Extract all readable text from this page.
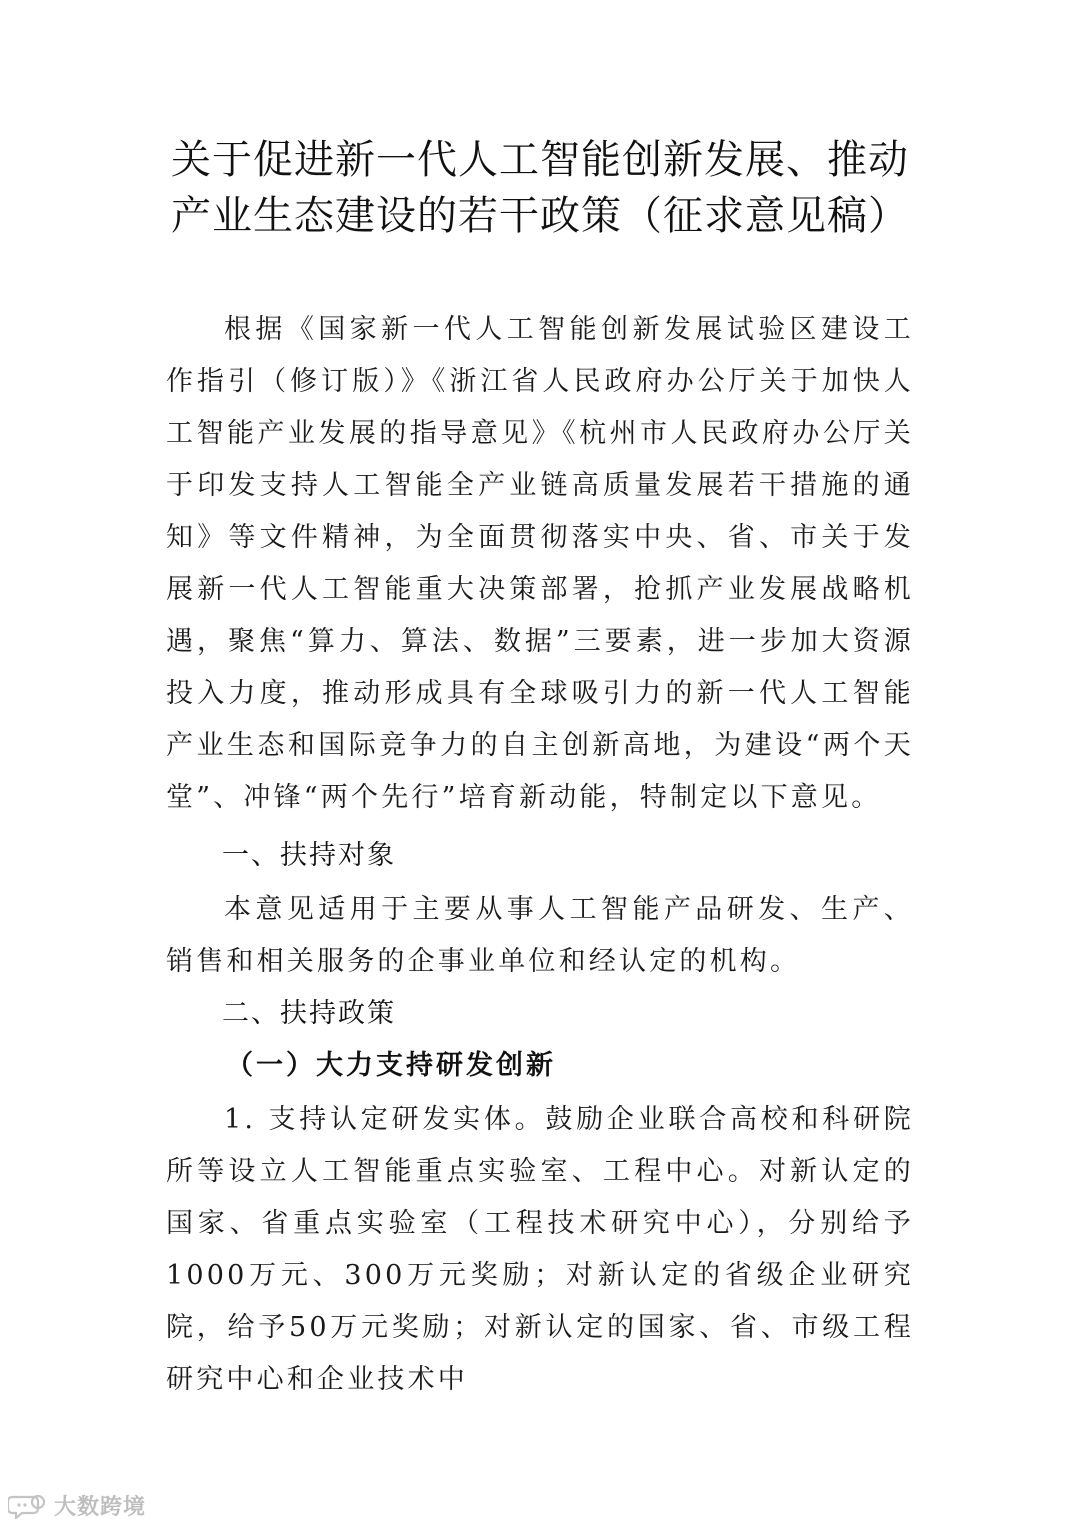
关于促进新一代人工智能创新发展、推动
产业生态建设的若干政策（征求意见稿）

根据《国家新一代人工智能创新发展试验区建设工作指引（修订版）》《浙江省人民政府办公厅关于加快人工智能产业发展的指导意见》《杭州市人民政府办公厅关于印发支持人工智能全产业链高质量发展若干措施的通知》等文件精神，为全面贯彻落实中央、省、市关于发展新一代人工智能重大决策部署，抢抓产业发展战略机遇，聚焦“算力、算法、数据”三要素，进一步加大资源投入力度，推动形成具有全球吸引力的新一代人工智能产业生态和国际竞争力的自主创新高地，为建设“两个天堂”、冲锋“两个先行”培育新动能，特制定以下意见。

一、扶持对象

本意见适用于主要从事人工智能产品研发、生产、销售和相关服务的企事业单位和经认定的机构。

二、扶持政策

（一）大力支持研发创新

1. 支持认定研发实体。鼓励企业联合高校和科研院所等设立人工智能重点实验室、工程中心。对新认定的国家、省重点实验室（工程技术研究中心），分别给予1000万元、300万元奖励；对新认定的省级企业研究院，给予50万元奖励；对新认定的国家、省、市级工程研究中心和企业技术中

大数跨境
